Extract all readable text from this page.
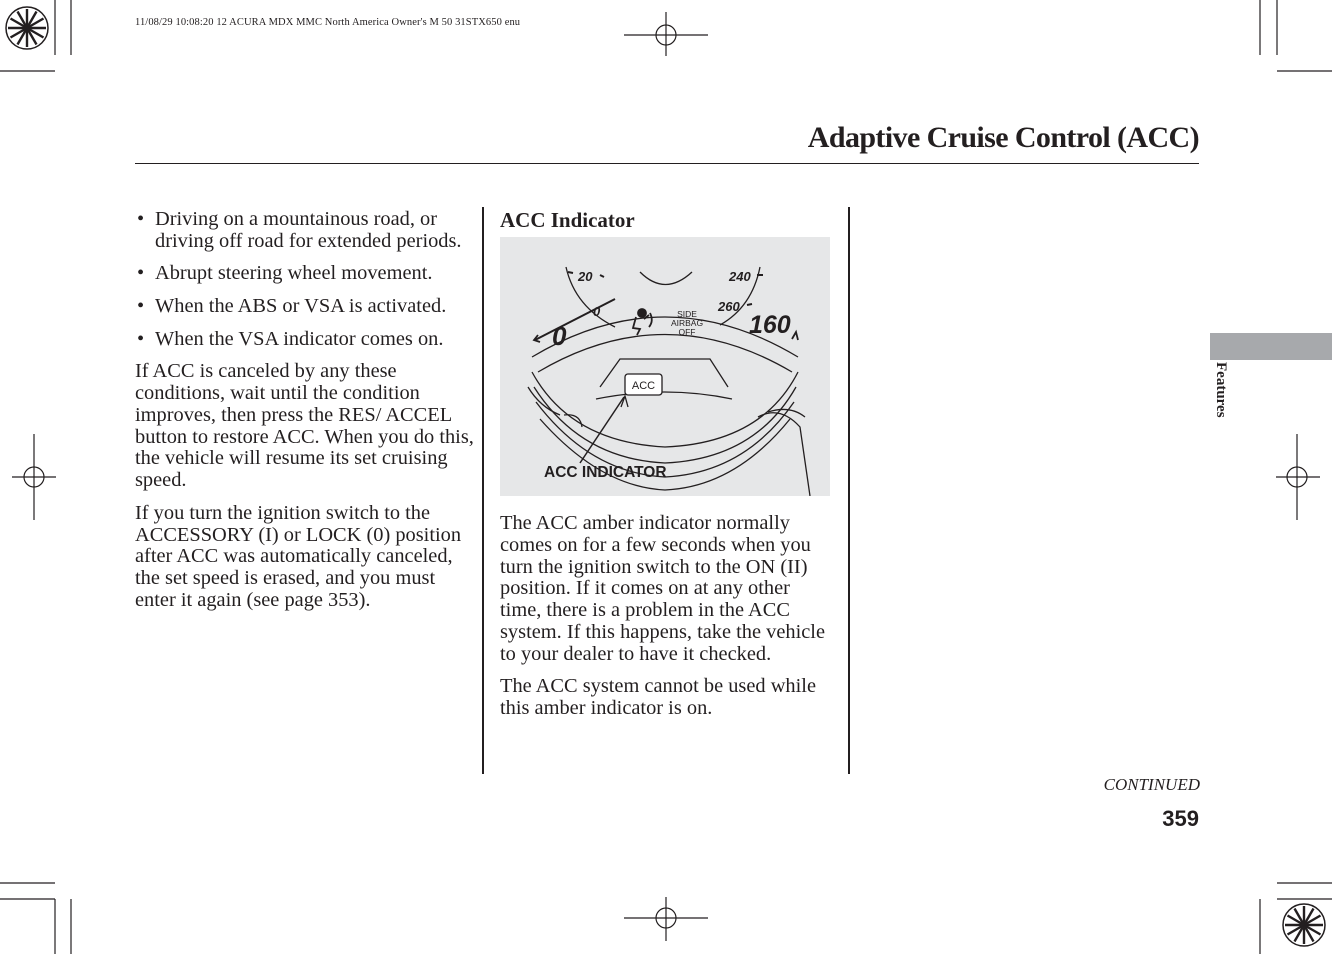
11/08/29 10:08:20 12 ACURA MDX MMC North America Owner's M 50 31STX650 enu
Adaptive Cruise Control (ACC)
• Driving on a mountainous road, or driving off road for extended periods.
• Abrupt steering wheel movement.
• When the ABS or VSA is activated.
• When the VSA indicator comes on.

If ACC is canceled by any these conditions, wait until the condition improves, then press the RES/ ACCEL button to restore ACC. When you do this, the vehicle will resume its set cruising speed.

If you turn the ignition switch to the ACCESSORY (I) or LOCK (0) position after ACC was automatically canceled, the set speed is erased, and you must enter it again (see page 353).

ACC Indicator
ACC
20
0
0
240
260
160
SIDE
AIRBAG
OFF
ACC INDICATOR

The ACC amber indicator normally comes on for a few seconds when you turn the ignition switch to the ON (II) position. If it comes on at any other time, there is a problem in the ACC system. If this happens, take the vehicle to your dealer to have it checked.

The ACC system cannot be used while this amber indicator is on.

Features
CONTINUED
359
